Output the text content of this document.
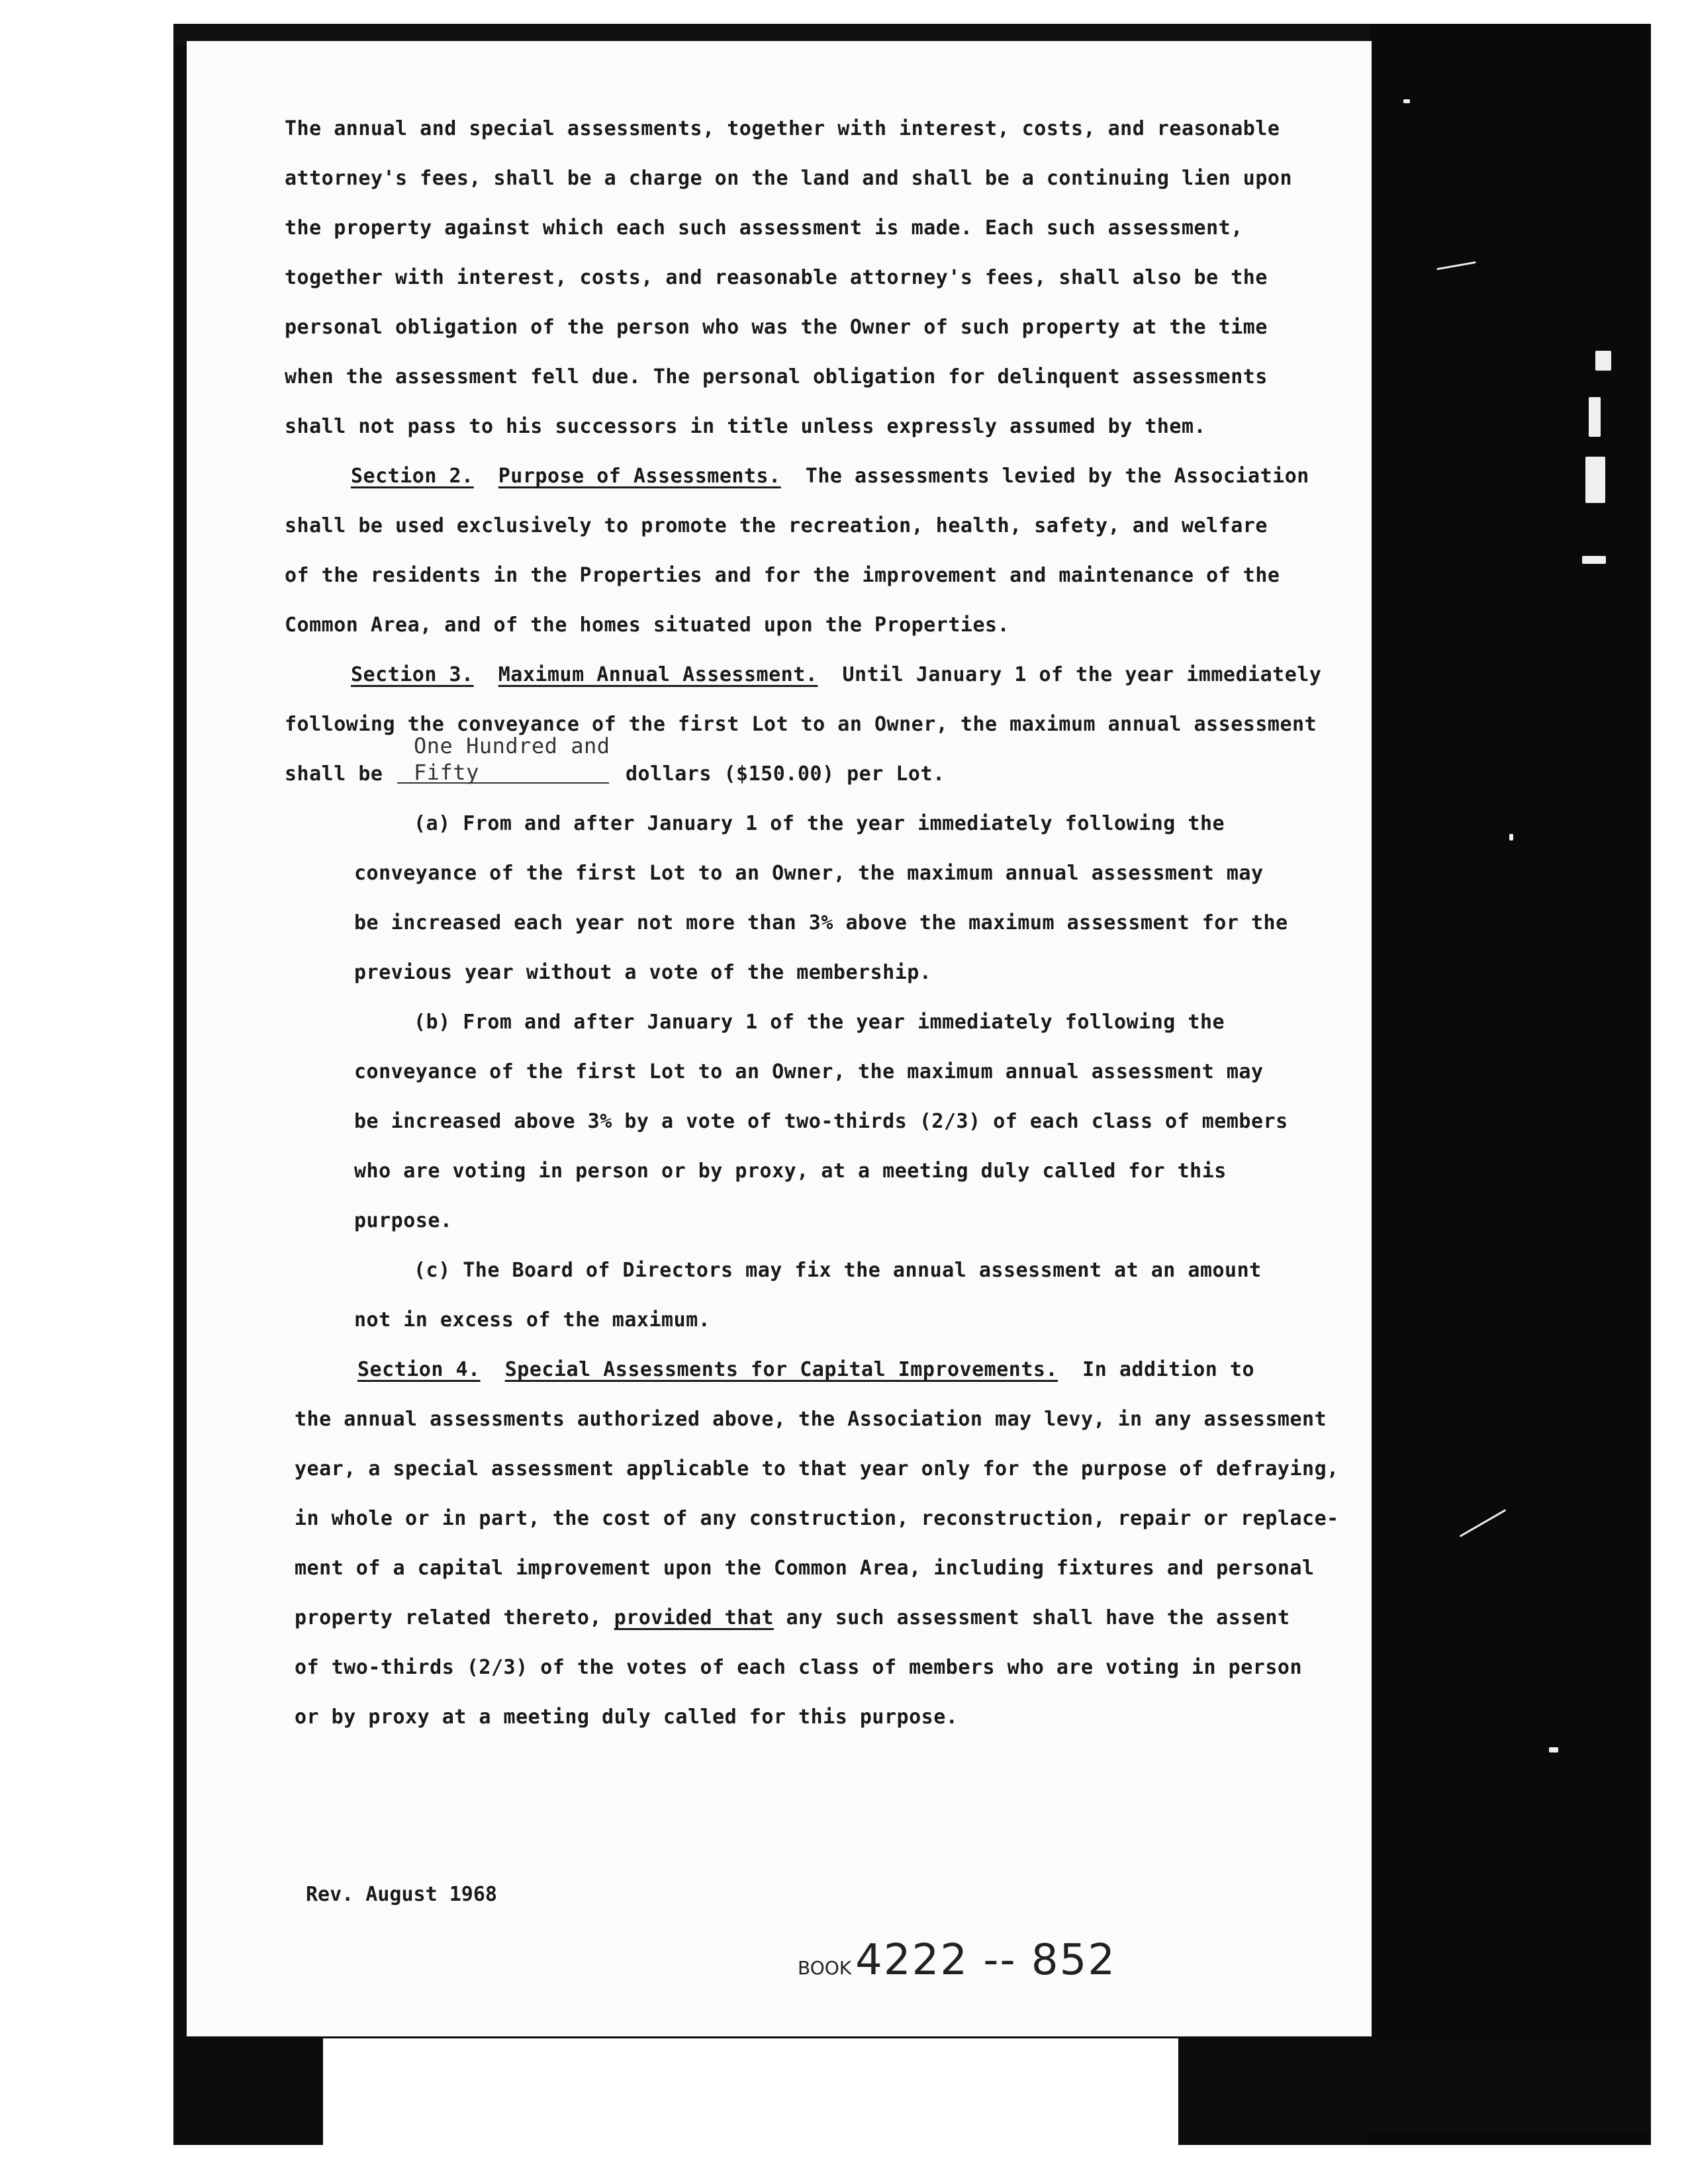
The annual and special assessments, together with interest, costs, and reasonable
attorney's fees, shall be a charge on the land and shall be a continuing lien upon
the property against which each such assessment is made. Each such assessment,
together with interest, costs, and reasonable attorney's fees, shall also be the
personal obligation of the person who was the Owner of such property at the time
when the assessment fell due. The personal obligation for delinquent assessments
shall not pass to his successors in title unless expressly assumed by them.
Section 2. Purpose of Assessments. The assessments levied by the Association
shall be used exclusively to promote the recreation, health, safety, and welfare
of the residents in the Properties and for the improvement and maintenance of the
Common Area, and of the homes situated upon the Properties.
Section 3. Maximum Annual Assessment. Until January 1 of the year immediately
following the conveyance of the first Lot to an Owner, the maximum annual assessment
One Hundred and
shall be Fifty	dollars ($150.00) per Lot.
(a) From and after January 1 of the year immediately following the
conveyance of the first Lot to an Owner, the maximum annual assessment may
be increased each year not more than 3% above the maximum assessment for the
previous year without a vote of the membership.
(b) From and after January 1 of the year immediately following the
conveyance of the first Lot to an Owner, the maximum annual assessment may
be increased above 3% by a vote of two-thirds (2/3) of each class of members
who are voting in person or by proxy, at a meeting duly called for this
purpose.
(c) The Board of Directors may fix the annual assessment at an amount
not in excess of the maximum.
Section 4. Special Assessments for Capital Improvements. In addition to
the annual assessments authorized above, the Association may levy, in any assessment
year, a special assessment applicable to that year only for the purpose of defraying,
in whole or in part, the cost of any construction, reconstruction, repair or replace-
ment of a capital improvement upon the Common Area, including fixtures and personal
property related thereto, provided that any such assessment shall have the assent
of two-thirds (2/3) of the votes of each class of members who are voting in person
or by proxy at a meeting duly called for this purpose.
Rev. August 1968
BOOK4222 -- 852
